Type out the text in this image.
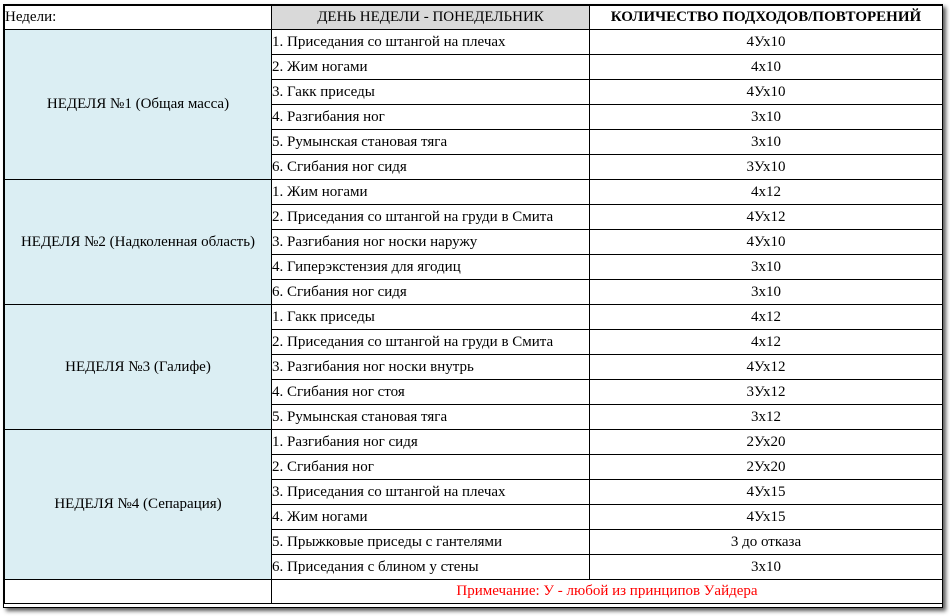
Недели:	ДЕНЬ НЕДЕЛИ - ПОНЕДЕЛЬНИК	КОЛИЧЕСТВО ПОДХОДОВ/ПОВТОРЕНИЙ
НЕДЕЛЯ №1 (Общая масса)	1. Приседания со штангой на плечах	4Ух10
	2. Жим ногами	4х10
	3. Гакк приседы	4Ух10
	4. Разгибания ног	3х10
	5. Румынская становая тяга	3х10
	6. Сгибания ног сидя	3Ух10
НЕДЕЛЯ №2 (Надколенная область)	1. Жим ногами	4х12
	2. Приседания со штангой на груди в Смита	4Ух12
	3. Разгибания ног носки наружу	4Ух10
	4. Гиперэкстензия для ягодиц	3х10
	6. Сгибания ног сидя	3х10
НЕДЕЛЯ №3 (Галифе)	1. Гакк приседы	4х12
	2. Приседания со штангой на груди в Смита	4х12
	3. Разгибания ног носки внутрь	4Ух12
	4. Сгибания ног стоя	3Ух12
	5. Румынская становая тяга	3х12
НЕДЕЛЯ №4 (Сепарация)	1. Разгибания ног сидя	2Ух20
	2. Сгибания ног	2Ух20
	3. Приседания со штангой на плечах	4Ух15
	4. Жим ногами	4Ух15
	5. Прыжковые приседы с гантелями	3 до отказа
	6. Приседания с блином у стены	3х10
	Примечание: У - любой из принципов Уайдера	
